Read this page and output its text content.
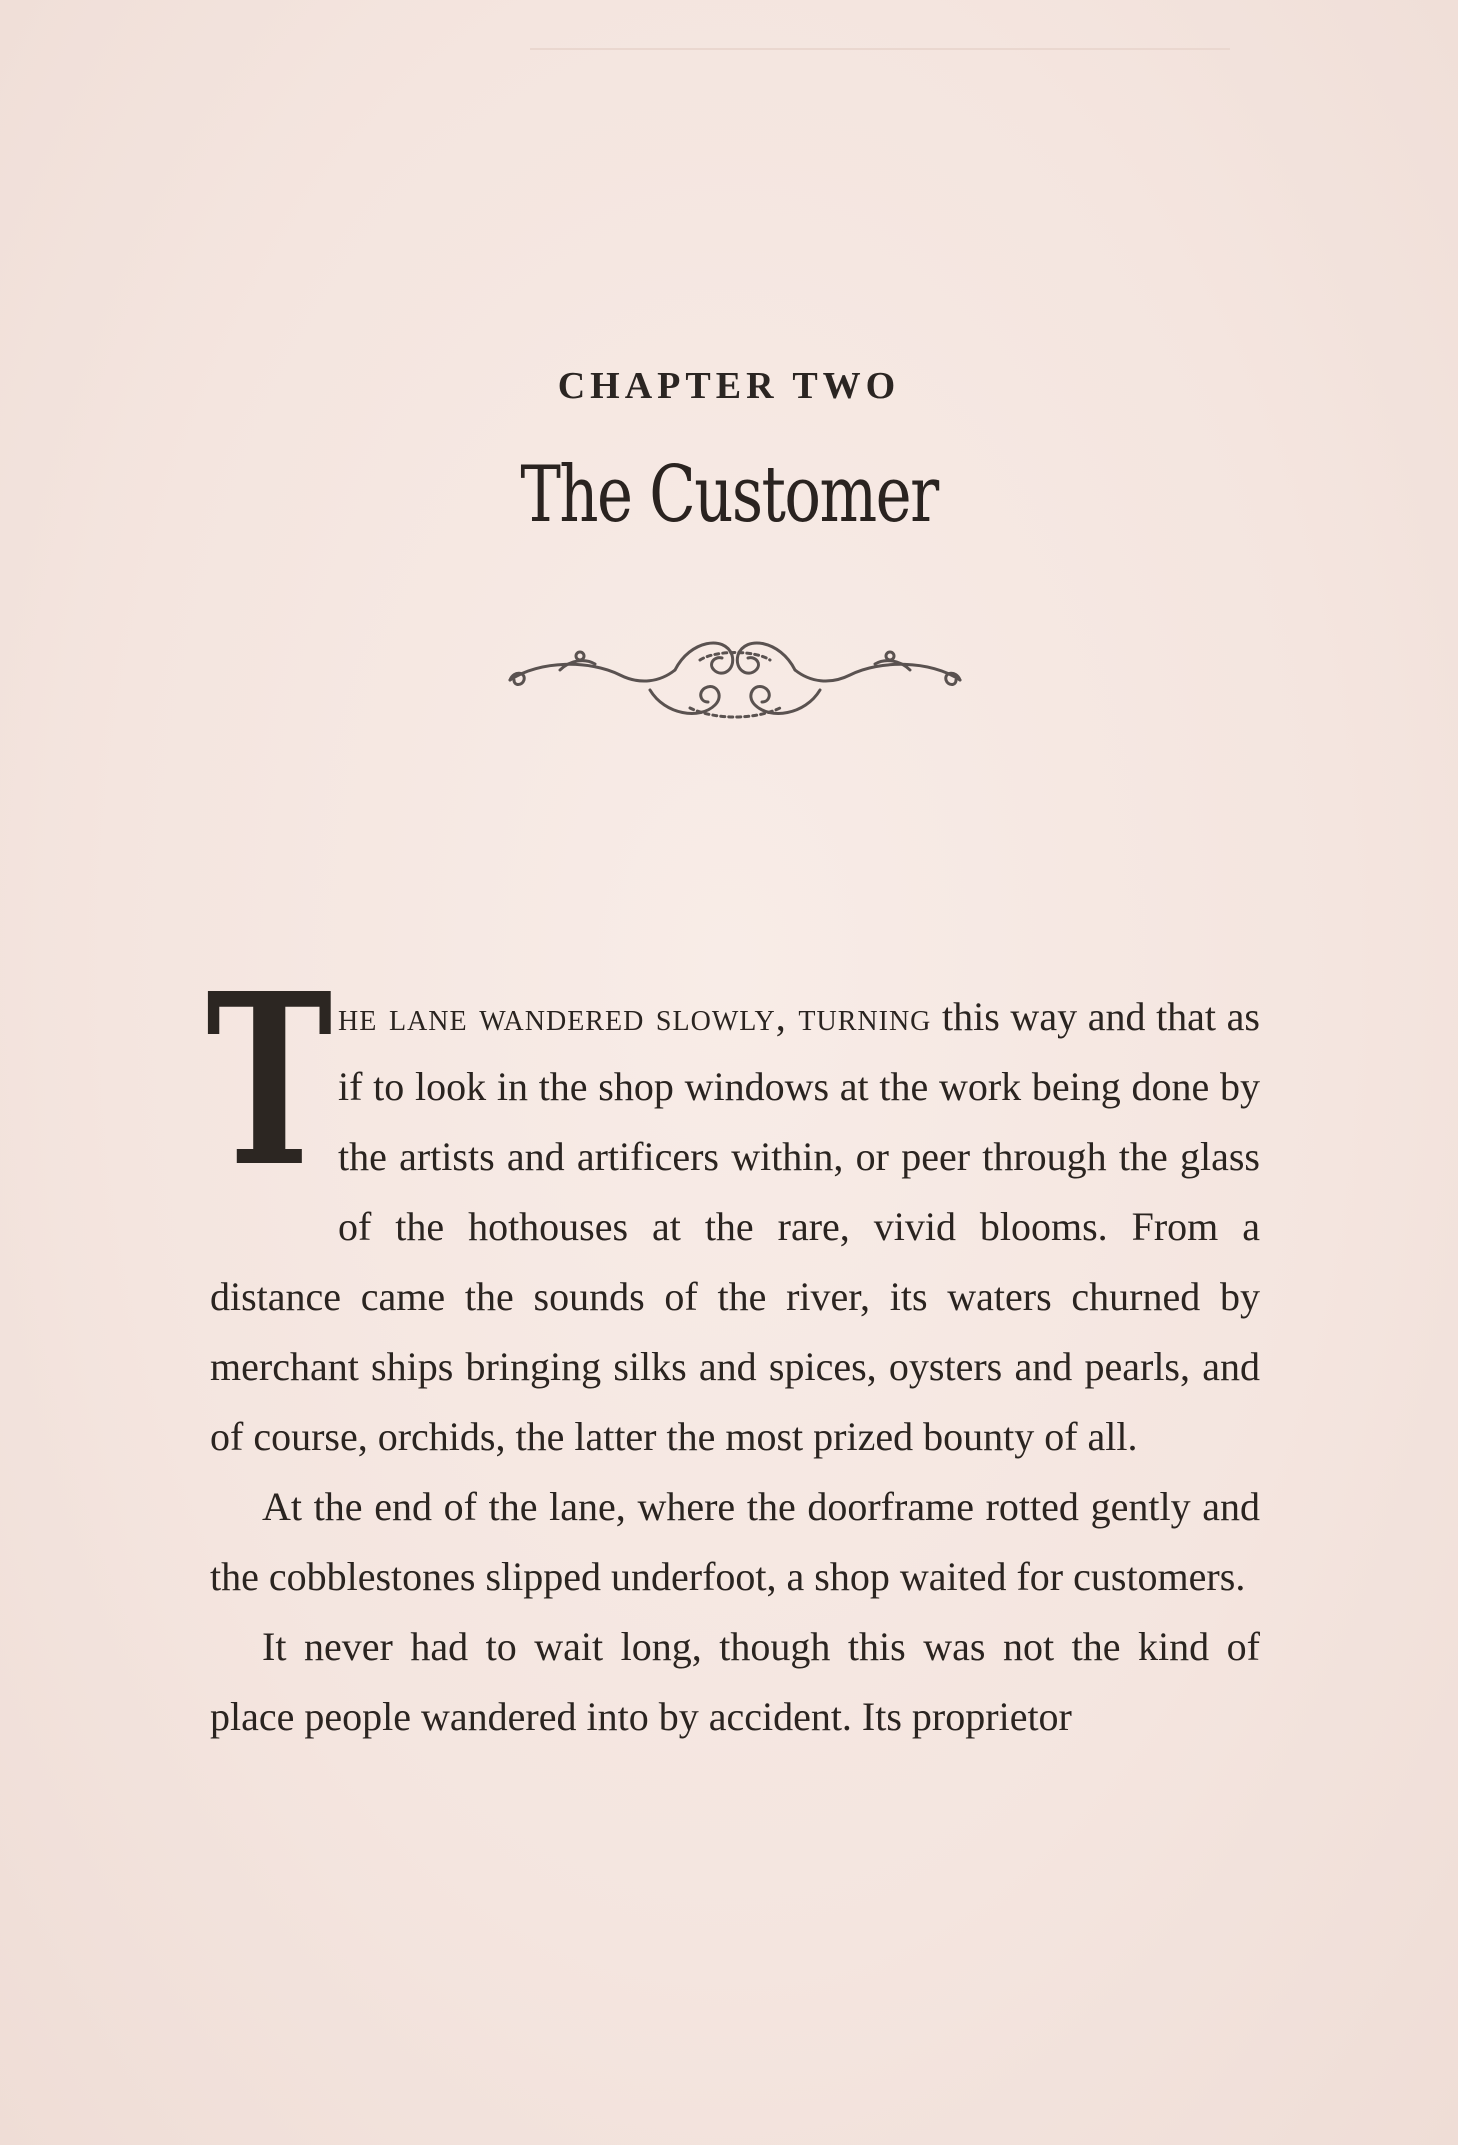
CHAPTER TWO
The Customer

The lane wandered slowly, turning this way and that as if to look in the shop windows at the work being done by the artists and artificers within, or peer through the glass of the hothouses at the rare, vivid blooms. From a distance came the sounds of the river, its waters churned by merchant ships bringing silks and spices, oysters and pearls, and of course, orchids, the latter the most prized bounty of all.

At the end of the lane, where the doorframe rotted gently and the cobblestones slipped underfoot, a shop waited for customers.

It never had to wait long, though this was not the kind of place people wandered into by accident. Its proprietor
